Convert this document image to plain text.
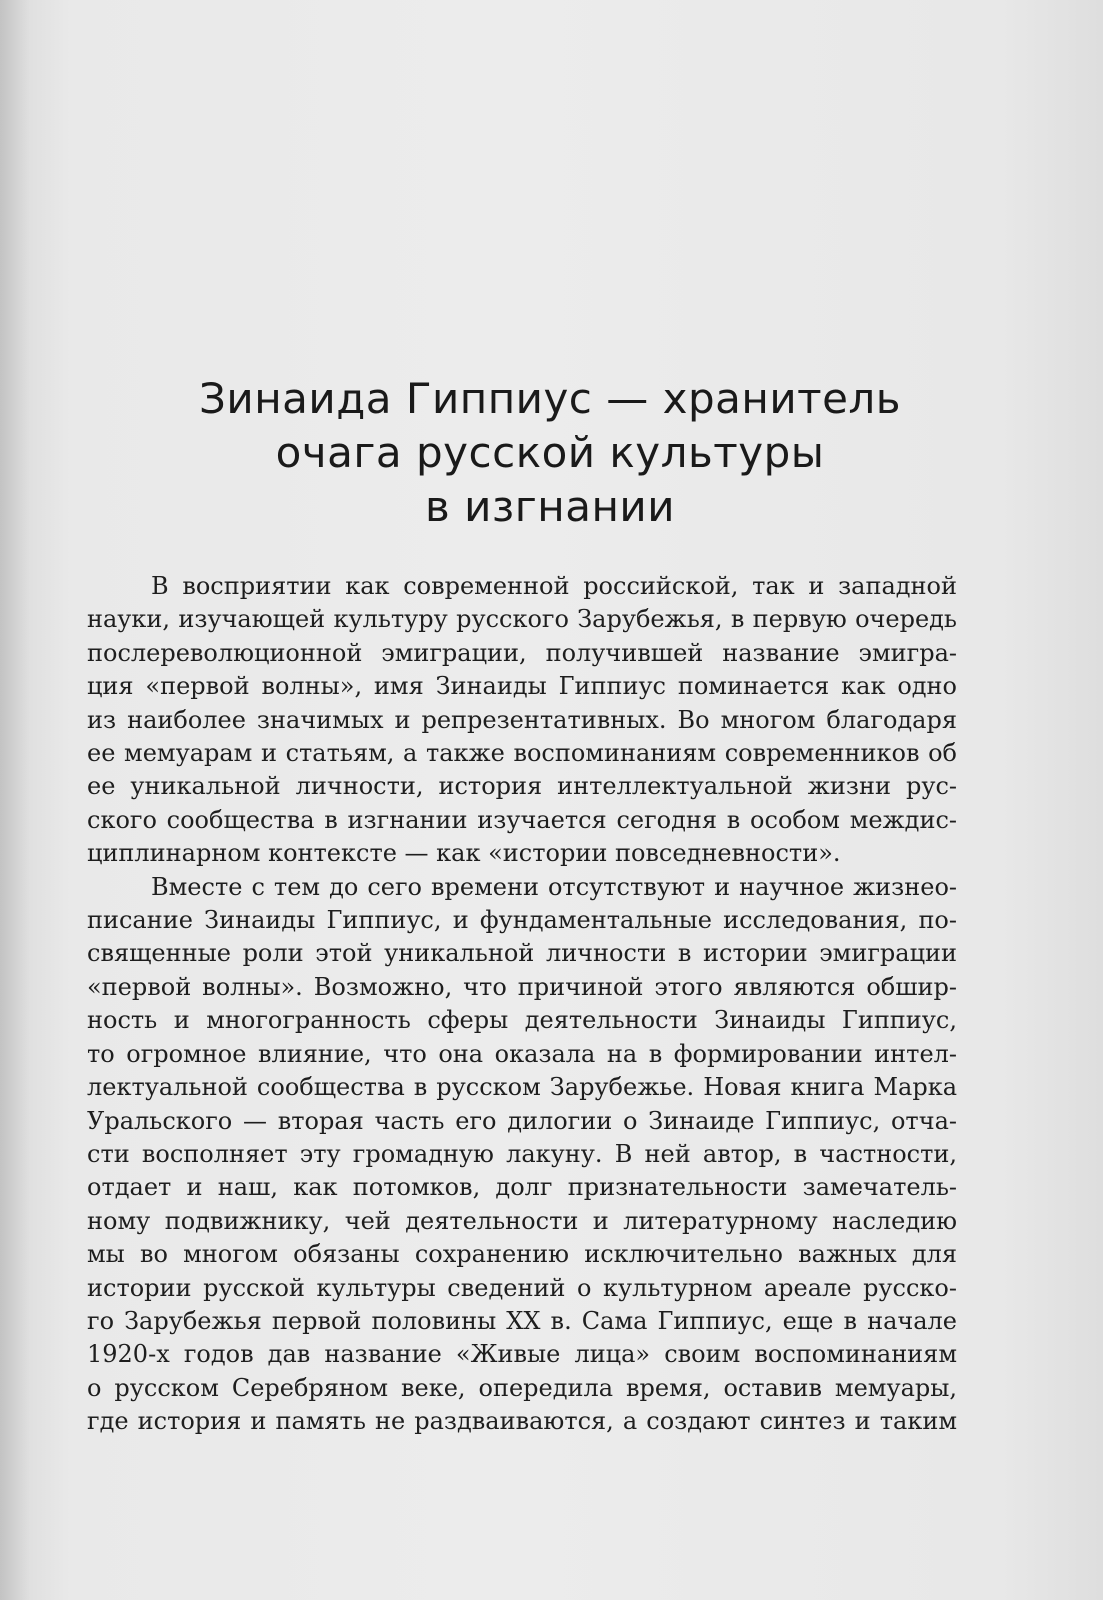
Зинаида Гиппиус — хранитель
очага русской культуры
в изгнании

В восприятии как современной российской, так и западной
науки, изучающей культуру русского Зарубежья, в первую очередь
послереволюционной эмиграции, получившей название эмигра-
ция «первой волны», имя Зинаиды Гиппиус поминается как одно
из наиболее значимых и репрезентативных. Во многом благодаря
ее мемуарам и статьям, а также воспоминаниям современников об
ее уникальной личности, история интеллектуальной жизни рус-
ского сообщества в изгнании изучается сегодня в особом междис-
циплинарном контексте — как «истории повседневности».

Вместе с тем до сего времени отсутствуют и научное жизнео-
писание Зинаиды Гиппиус, и фундаментальные исследования, по-
священные роли этой уникальной личности в истории эмиграции
«первой волны». Возможно, что причиной этого являются обшир-
ность и многогранность сферы деятельности Зинаиды Гиппиус,
то огромное влияние, что она оказала на в формировании интел-
лектуальной сообщества в русском Зарубежье. Новая книга Марка
Уральского — вторая часть его дилогии о Зинаиде Гиппиус, отча-
сти восполняет эту громадную лакуну. В ней автор, в частности,
отдает и наш, как потомков, долг признательности замечатель-
ному подвижнику, чей деятельности и литературному наследию
мы во многом обязаны сохранению исключительно важных для
истории русской культуры сведений о культурном ареале русско-
го Зарубежья первой половины XX в. Сама Гиппиус, еще в начале
1920-х годов дав название «Живые лица» своим воспоминаниям
о русском Серебряном веке, опередила время, оставив мемуары,
где история и память не раздваиваются, а создают синтез и таким
